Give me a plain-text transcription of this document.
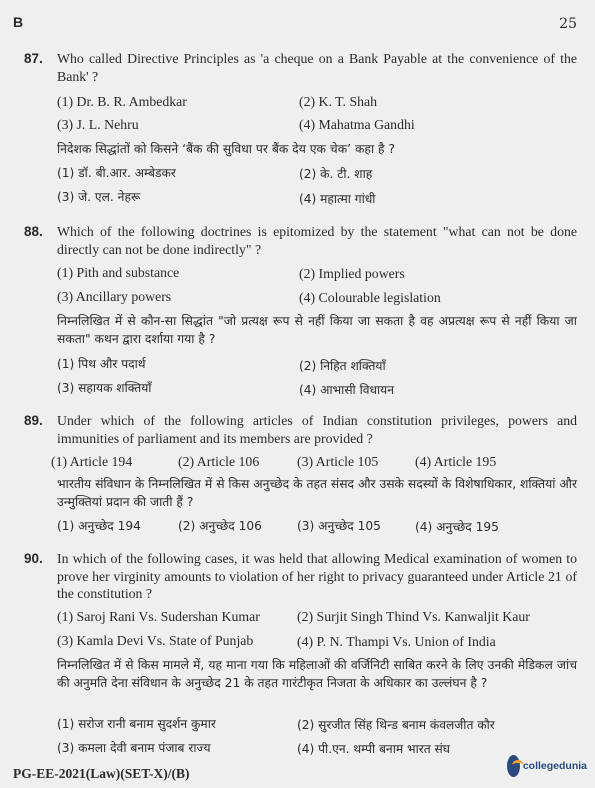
B	25
87. Who called Directive Principles as 'a cheque on a Bank Payable at the convenience of the Bank' ?
(1) Dr. B. R. Ambedkar	(2) K. T. Shah
(3) J. L. Nehru	(4) Mahatma Gandhi
निदेशक सिद्धांतों को किसने ‘बैंक की सुविधा पर बैंक देय एक चेक’ कहा है ?
(1) डॉ. बी.आर. अम्बेडकर	(2) के. टी. शाह
(3) जे. एल. नेहरू	(4) महात्मा गांधी
88. Which of the following doctrines is epitomized by the statement "what can not be done directly can not be done indirectly" ?
(1) Pith and substance	(2) Implied powers
(3) Ancillary powers	(4) Colourable legislation
निम्नलिखित में से कौन-सा सिद्धांत "जो प्रत्यक्ष रूप से नहीं किया जा सकता है वह अप्रत्यक्ष रूप से नहीं किया जा सकता" कथन द्वारा दर्शाया गया है ?
(1) पिथ और पदार्थ	(2) निहित शक्तियाँ
(3) सहायक शक्तियाँ	(4) आभासी विधायन
89. Under which of the following articles of Indian constitution privileges, powers and immunities of parliament and its members are provided ?
(1) Article 194	(2) Article 106	(3) Article 105	(4) Article 195
भारतीय संविधान के निम्नलिखित में से किस अनुच्छेद के तहत संसद और उसके सदस्यों के विशेषाधिकार, शक्तियां और उन्मुक्तियां प्रदान की जाती हैं ?
(1) अनुच्छेद 194	(2) अनुच्छेद 106	(3) अनुच्छेद 105	(4) अनुच्छेद 195
90. In which of the following cases, it was held that allowing Medical examination of women to prove her virginity amounts to violation of her right to privacy guaranteed under Article 21 of the constitution ?
(1) Saroj Rani Vs. Sudershan Kumar	(2) Surjit Singh Thind Vs. Kanwaljit Kaur
(3) Kamla Devi Vs. State of Punjab	(4) P. N. Thampi Vs. Union of India
निम्नलिखित में से किस मामले में, यह माना गया कि महिलाओं की वर्जिनिटी साबित करने के लिए उनकी मेडिकल जांच की अनुमति देना संविधान के अनुच्छेद 21 के तहत गारंटीकृत निजता के अधिकार का उल्लंघन है ?
(1) सरोज रानी बनाम सुदर्शन कुमार	(2) सुरजीत सिंह थिन्ड बनाम कंवलजीत कौर
(3) कमला देवी बनाम पंजाब राज्य	(4) पी.एन. थम्पी बनाम भारत संघ
PG-EE-2021(Law)(SET-X)/(B)	collegedunia
